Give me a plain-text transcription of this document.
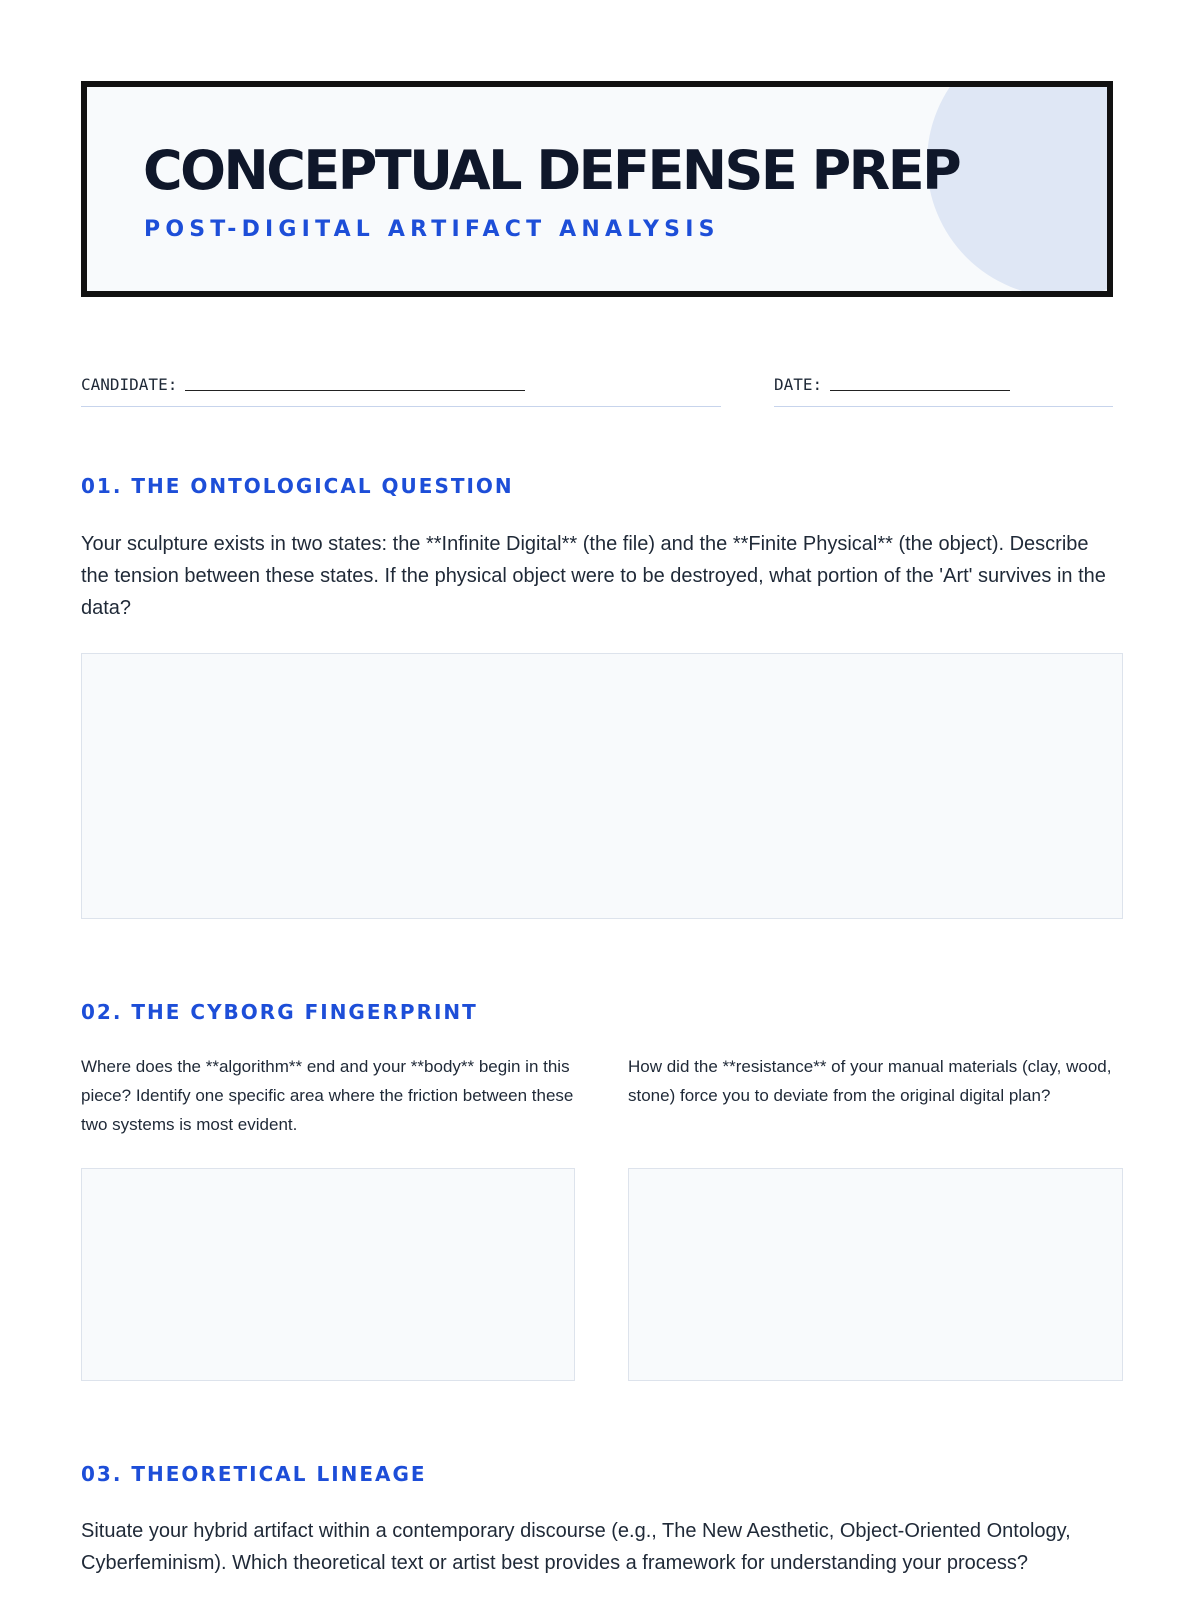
CONCEPTUAL DEFENSE PREP
POST-DIGITAL ARTIFACT ANALYSIS
CANDIDATE:	DATE:
01. THE ONTOLOGICAL QUESTION

Your sculpture exists in two states: the **Infinite Digital** (the file) and the **Finite Physical** (the object). Describe the tension between these states. If the physical object were to be destroyed, what portion of the 'Art' survives in the data?

02. THE CYBORG FINGERPRINT

Where does the **algorithm** end and your **body** begin in this piece? Identify one specific area where the friction between these two systems is most evident.

How did the **resistance** of your manual materials (clay, wood, stone) force you to deviate from the original digital plan?

03. THEORETICAL LINEAGE

Situate your hybrid artifact within a contemporary discourse (e.g., The New Aesthetic, Object-Oriented Ontology, Cyberfeminism). Which theoretical text or artist best provides a framework for understanding your process?
